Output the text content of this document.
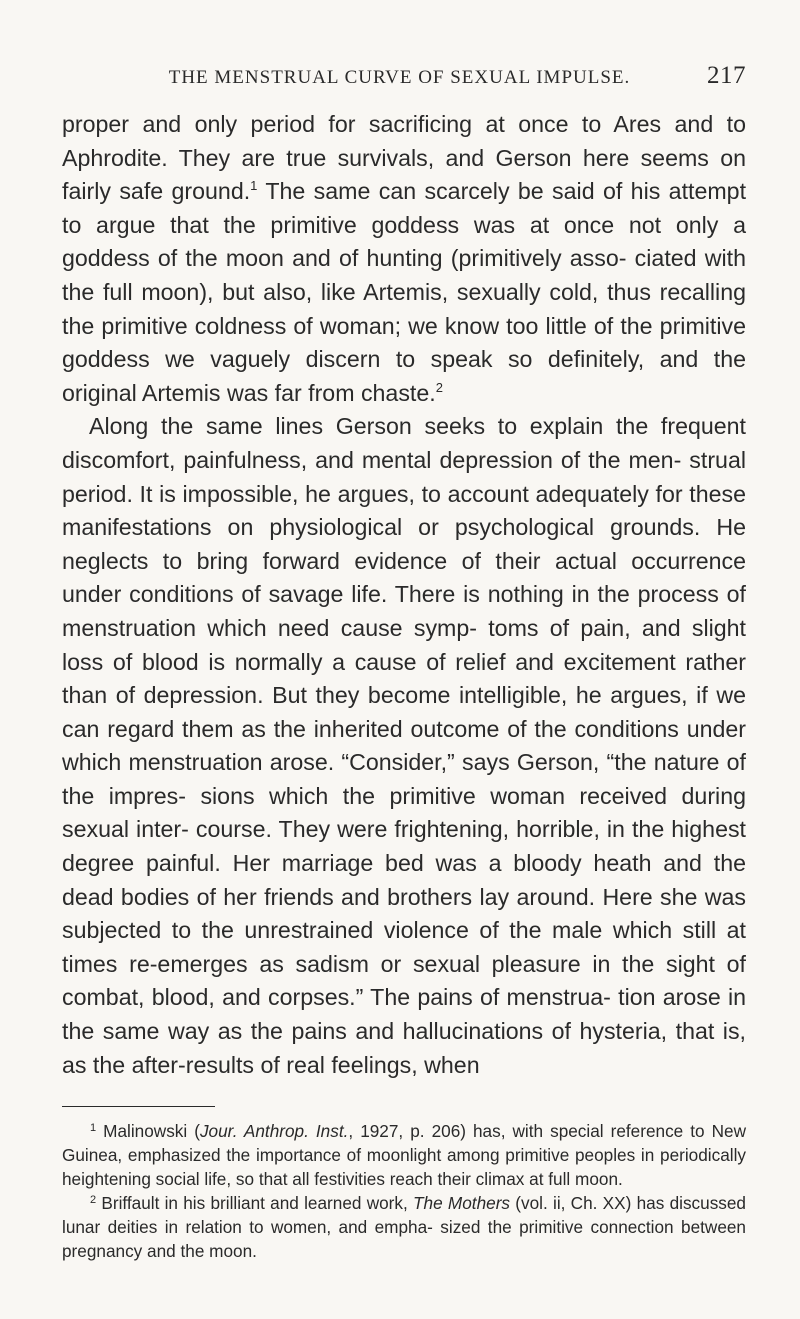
THE MENSTRUAL CURVE OF SEXUAL IMPULSE.	217

proper and only period for sacrificing at once to Ares and to Aphrodite. They are true survivals, and Gerson here seems on fairly safe ground.$^1$ The same can scarcely be said of his attempt to argue that the primitive goddess was at once not only a goddess of the moon and of hunting (primitively asso- ciated with the full moon), but also, like Artemis, sexually cold, thus recalling the primitive coldness of woman; we know too little of the primitive goddess we vaguely discern to speak so definitely, and the original Artemis was far from chaste.$^2$

Along the same lines Gerson seeks to explain the frequent discomfort, painfulness, and mental depression of the men- strual period. It is impossible, he argues, to account adequately for these manifestations on physiological or psychological grounds. He neglects to bring forward evidence of their actual occurrence under conditions of savage life. There is nothing in the process of menstruation which need cause symp- toms of pain, and slight loss of blood is normally a cause of relief and excitement rather than of depression. But they become intelligible, he argues, if we can regard them as the inherited outcome of the conditions under which menstruation arose. “Consider,” says Gerson, “the nature of the impres- sions which the primitive woman received during sexual inter- course. They were frightening, horrible, in the highest degree painful. Her marriage bed was a bloody heath and the dead bodies of her friends and brothers lay around. Here she was subjected to the unrestrained violence of the male which still at times re-emerges as sadism or sexual pleasure in the sight of combat, blood, and corpses.” The pains of menstrua- tion arose in the same way as the pains and hallucinations of hysteria, that is, as the after-results of real feelings, when

$^1$ Malinowski (Jour. Anthrop. Inst., 1927, p. 206) has, with special reference to New Guinea, emphasized the importance of moonlight among primitive peoples in periodically heightening social life, so that all festivities reach their climax at full moon.

$^2$ Briffault in his brilliant and learned work, The Mothers (vol. ii, Ch. XX) has discussed lunar deities in relation to women, and empha- sized the primitive connection between pregnancy and the moon.
